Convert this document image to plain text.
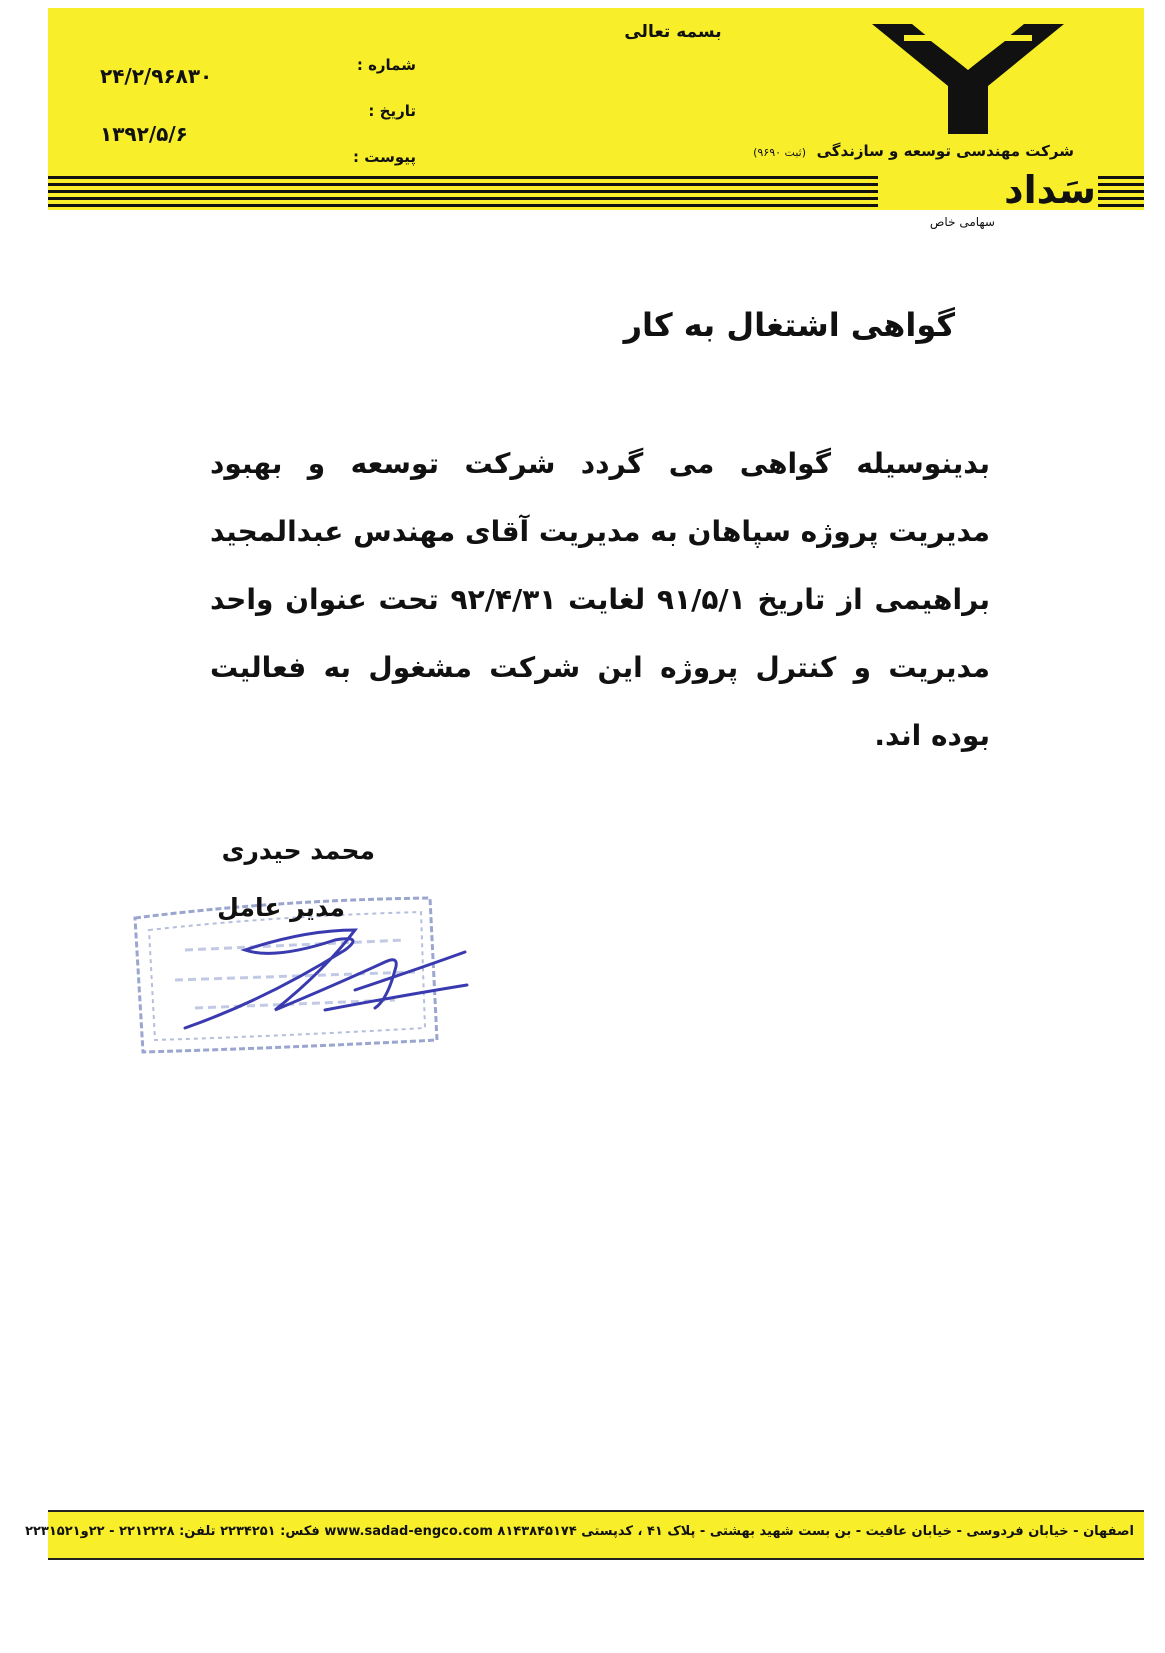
بسمه تعالی
شماره :
تاریخ :
پیوست :
۲۴/۲/۹۶۸۳۰
۱۳۹۲/۵/۶
(ثبت ۹۶۹۰) شرکت مهندسی توسعه و سازندگی
سَداد
سهامی خاص
گواهی اشتغال به کار

بدینوسیله گواهی می گردد شرکت توسعه و بهبود

مدیریت پروژه سپاهان به مدیریت آقای مهندس عبدالمجید

براهیمی از تاریخ ۹۱/۵/۱ لغایت ۹۲/۴/۳۱ تحت عنوان واحد

مدیریت و کنترل پروژه این شرکت مشغول به فعالیت بوده اند.

محمد حیدری
مدیر عامل
اصفهان - خیابان فردوسی - خیابان عافیت - بن بست شهید بهشتی - پلاک ۴۱ ، کدپستی ۸۱۴۳۸۴۵۱۷۴ www.sadad-engco.com فکس: ۲۲۳۴۲۵۱ تلفن: ۲۲۱۲۲۲۸ - ۲۲و۲۲۳۱۵۲۱
